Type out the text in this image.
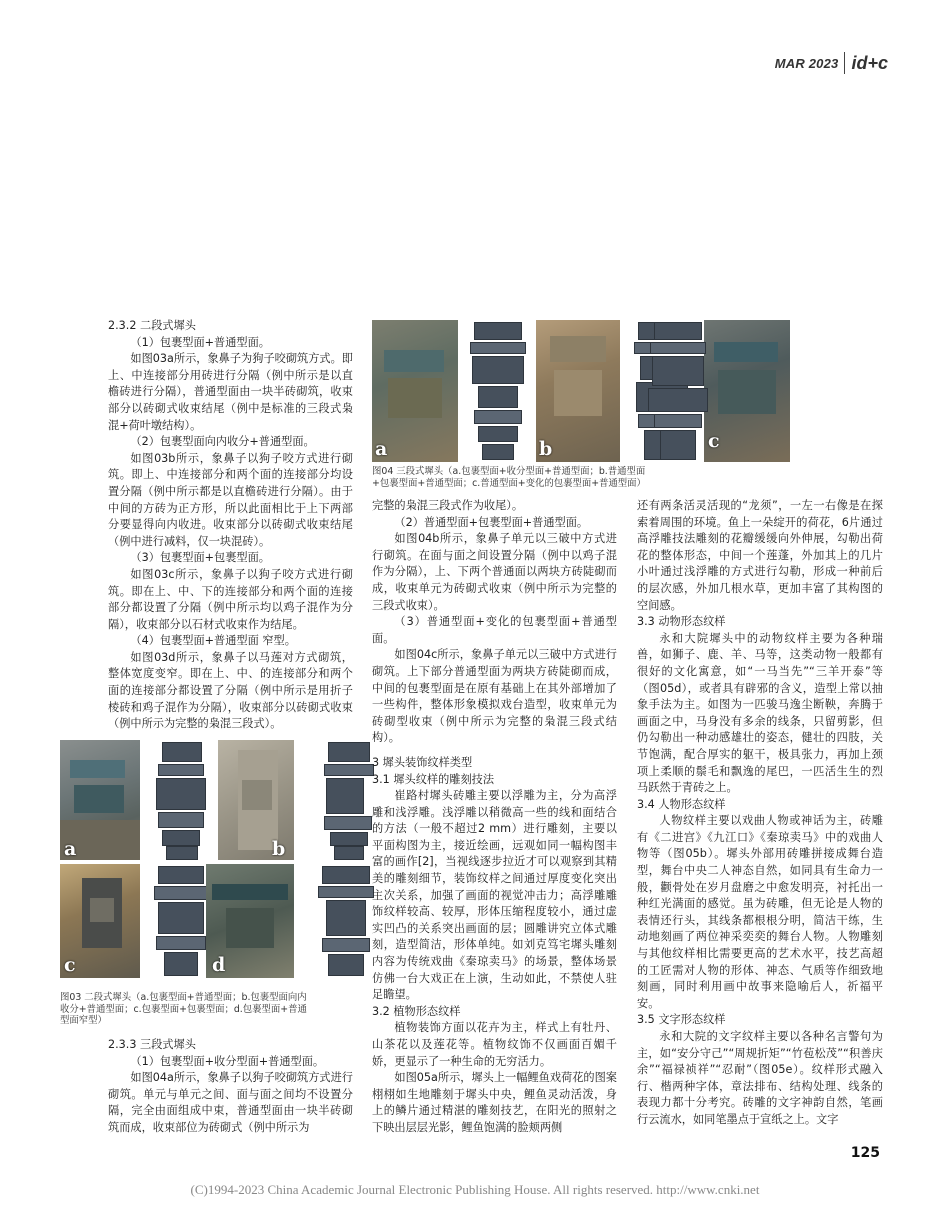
MAR 2023 id+c

2.3.2 二段式墀头

（1）包裹型面+普通型面。

如图03a所示，象鼻子为狗子咬砌筑方式。即上、中连接部分用砖进行分隔（例中所示是以直檐砖进行分隔），普通型面由一块半砖砌筑，收束部分以砖砌式收束结尾（例中是标准的三段式枭混+荷叶墩结构）。

（2）包裹型面向内收分+普通型面。

如图03b所示，象鼻子以狗子咬方式进行砌筑。即上、中连接部分和两个面的连接部分均设置分隔（例中所示都是以直檐砖进行分隔）。由于中间的方砖为正方形，所以此面相比于上下两部分要显得向内收进。收束部分以砖砌式收束结尾（例中进行减料，仅一块混砖）。

（3）包裹型面+包裹型面。

如图03c所示，象鼻子以狗子咬方式进行砌筑。即在上、中、下的连接部分和两个面的连接部分都设置了分隔（例中所示均以鸡子混作为分隔），收束部分以石材式收束作为结尾。

（4）包裹型面+普通型面 窄型。

如图03d所示，象鼻子以马莲对方式砌筑，整体宽度变窄。即在上、中、的连接部分和两个面的连接部分都设置了分隔（例中所示是用折子棱砖和鸡子混作为分隔），收束部分以砖砌式收束（例中所示为完整的枭混三段式）。

a	b
c	d
图03 二段式墀头（a.包裹型面+普通型面；b.包裹型面向内收分+普通型面；c.包裹型面+包裹型面；d.包裹型面+普通型面窄型）

2.3.3 三段式墀头

（1）包裹型面+收分型面+普通型面。

如图04a所示，象鼻子以狗子咬砌筑方式进行砌筑。单元与单元之间、面与面之间均不设置分隔，完全由面组成中束，普通型面由一块半砖砌筑而成，收束部位为砖砌式（例中所示为

a	b	c
图04 三段式墀头（a.包裹型面+收分型面+普通型面；b.普通型面+包裹型面+普通型面；c.普通型面+变化的包裹型面+普通型面）

完整的枭混三段式作为收尾）。

（2）普通型面+包裹型面+普通型面。

如图04b所示，象鼻子单元以三破中方式进行砌筑。在面与面之间设置分隔（例中以鸡子混作为分隔），上、下两个普通面以两块方砖陡砌而成，收束单元为砖砌式收束（例中所示为完整的三段式收束）。

（3）普通型面+变化的包裹型面+普通型面。

如图04c所示，象鼻子单元以三破中方式进行砌筑。上下部分普通型面为两块方砖陡砌而成，中间的包裹型面是在原有基础上在其外部增加了一些构件，整体形象模拟戏台造型，收束单元为砖砌型收束（例中所示为完整的枭混三段式结构）。

3 墀头装饰纹样类型

3.1 墀头纹样的雕刻技法

崔路村墀头砖雕主要以浮雕为主，分为高浮雕和浅浮雕。浅浮雕以稍微高一些的线和面结合的方法（一般不超过2 mm）进行雕刻，主要以平面构图为主，接近绘画，远观如同一幅构图丰富的画作[2]，当视线逐步拉近才可以观察到其精美的雕刻细节，装饰纹样之间通过厚度变化突出主次关系，加强了画面的视觉冲击力；高浮雕雕饰纹样较高、较厚，形体压缩程度较小，通过虚实凹凸的关系突出画面的层；圆雕讲究立体式雕刻，造型简洁，形体单纯。如刘克笃宅墀头雕刻内容为传统戏曲《秦琼卖马》的场景，整体场景仿佛一台大戏正在上演，生动如此，不禁使人驻足瞻望。

3.2 植物形态纹样

植物装饰方面以花卉为主，样式上有牡丹、山茶花以及莲花等。植物纹饰不仅画面百媚千娇，更显示了一种生命的无穷活力。

如图05a所示，墀头上一幅鲤鱼戏荷花的图案栩栩如生地雕刻于墀头中央，鲤鱼灵动活泼，身上的鳞片通过精湛的雕刻技艺，在阳光的照射之下映出层层光影，鲤鱼饱满的脸颊两侧

还有两条活灵活现的“龙须”，一左一右像是在探索着周围的环境。鱼上一朵绽开的荷花，6片通过高浮雕技法雕刻的花瓣缓缓向外伸展，勾勒出荷花的整体形态，中间一个莲蓬，外加其上的几片小叶通过浅浮雕的方式进行勾勒，形成一种前后的层次感，外加几根水草，更加丰富了其构图的空间感。

3.3 动物形态纹样

永和大院墀头中的动物纹样主要为各种瑞兽，如狮子、鹿、羊、马等，这类动物一般都有很好的文化寓意，如“一马当先”“三羊开泰”等（图05d），或者具有辟邪的含义，造型上常以抽象手法为主。如图为一匹骏马逸尘断鞅，奔腾于画面之中，马身没有多余的线条，只留剪影，但仍勾勒出一种动感雄壮的姿态，健壮的四肢，关节饱满，配合厚实的躯干，极具张力，再加上颈项上柔顺的鬃毛和飘逸的尾巴，一匹活生生的烈马跃然于青砖之上。

3.4 人物形态纹样

人物纹样主要以戏曲人物或神话为主，砖雕有《二进宫》《九江口》《秦琼卖马》中的戏曲人物等（图05b）。墀头外部用砖雕拼接成舞台造型，舞台中央二人神态自然，如同具有生命力一般，颧骨处在岁月盘磨之中愈发明亮，衬托出一种红光满面的感觉。虽为砖雕，但无论是人物的表情还行头，其线条都根根分明，简洁干练，生动地刻画了两位神采奕奕的舞台人物。人物雕刻与其他纹样相比需要更高的艺术水平，技艺高超的工匠需对人物的形体、神态、气质等作细致地刻画，同时利用画中故事来隐喻后人，祈福平安。

3.5 文字形态纹样

永和大院的文字纹样主要以各种名言警句为主，如“安分守己”“周规折矩”“竹苞松茂”“积善庆余”“福禄祯祥”“忍耐”（图05e）。纹样形式融入行、楷两种字体，章法排布、结构处理、线条的表现力都十分考究。砖雕的文字神韵自然，笔画行云流水，如同笔墨点于宣纸之上。文字

125
(C)1994-2023 China Academic Journal Electronic Publishing House. All rights reserved. http://www.cnki.net
